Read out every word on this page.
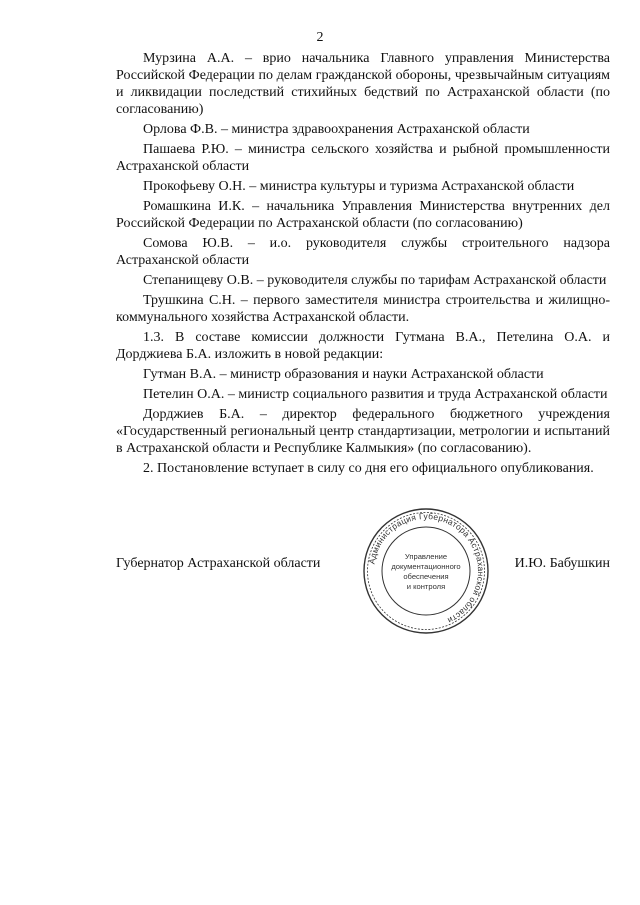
2

Мурзина А.А. – врио начальника Главного управления Министерства Российской Федерации по делам гражданской обороны, чрезвычайным ситуациям и ликвидации последствий стихийных бедствий по Астраханской области (по согласованию)

Орлова Ф.В. – министра здравоохранения Астраханской области

Пашаева Р.Ю. – министра сельского хозяйства и рыбной промышленности Астраханской области

Прокофьеву О.Н. – министра культуры и туризма Астраханской области

Ромашкина И.К. – начальника Управления Министерства внутренних дел Российской Федерации по Астраханской области (по согласованию)

Сомова Ю.В. – и.о. руководителя службы строительного надзора Астраханской области

Степанищеву О.В. – руководителя службы по тарифам Астраханской области

Трушкина С.Н. – первого заместителя министра строительства и жилищно-коммунального хозяйства Астраханской области.

1.3. В составе комиссии должности Гутмана В.А., Петелина О.А. и Дорджиева Б.А. изложить в новой редакции:

Гутман В.А. – министр образования и науки Астраханской области

Петелин О.А. – министр социального развития и труда Астраханской области

Дорджиев Б.А. – директор федерального бюджетного учреждения «Государственный региональный центр стандартизации, метрологии и испытаний в Астраханской области и Республике Калмыкия» (по согласованию).

2. Постановление вступает в силу со дня его официального опубликования.

Губернатор Астраханской области	И.Ю. Бабушкин
Администрация Губернатора Астраханской области
Управление
документационного
обеспечения
и контроля
